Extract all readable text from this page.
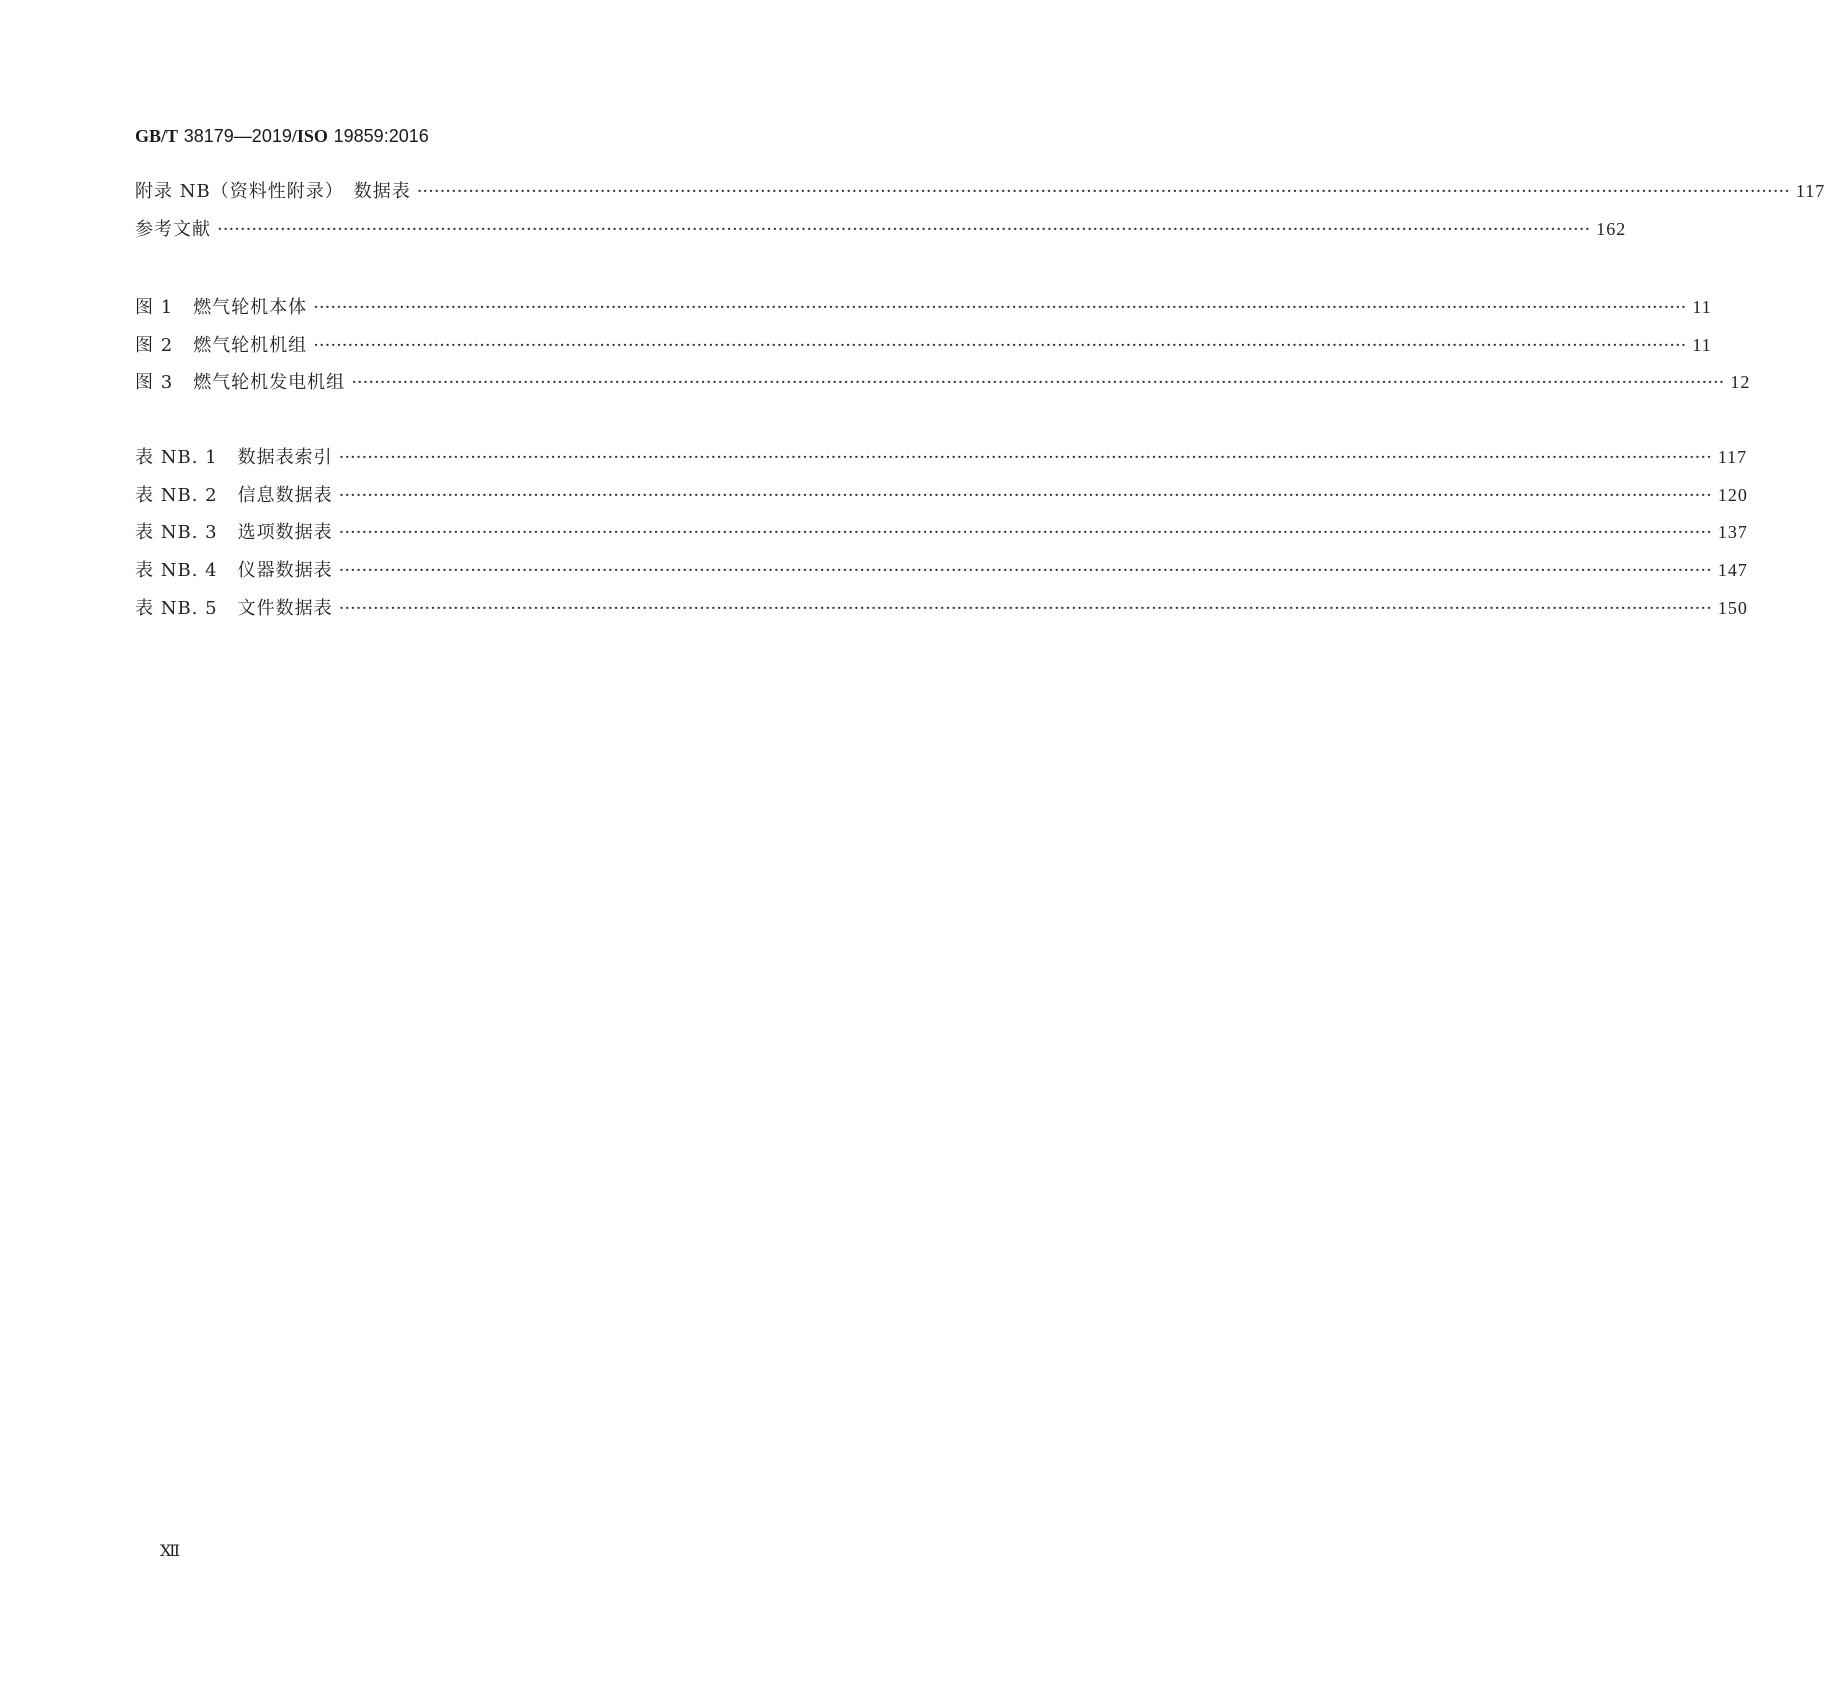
GB/T 38179—2019/ISO 19859:2016
附录 NB（资料性附录）　数据表 ················································································································································································································································ 117
参考文献 ················································································································································································································································ 162
图 1 燃气轮机本体 ················································································································································································································································ 11
图 2 燃气轮机机组 ················································································································································································································································ 11
图 3 燃气轮机发电机组 ················································································································································································································································ 12
表 NB. 1 数据表索引 ················································································································································································································································ 117
表 NB. 2 信息数据表 ················································································································································································································································ 120
表 NB. 3 选项数据表 ················································································································································································································································ 137
表 NB. 4 仪器数据表 ················································································································································································································································ 147
表 NB. 5 文件数据表 ················································································································································································································································ 150
Ⅻ
